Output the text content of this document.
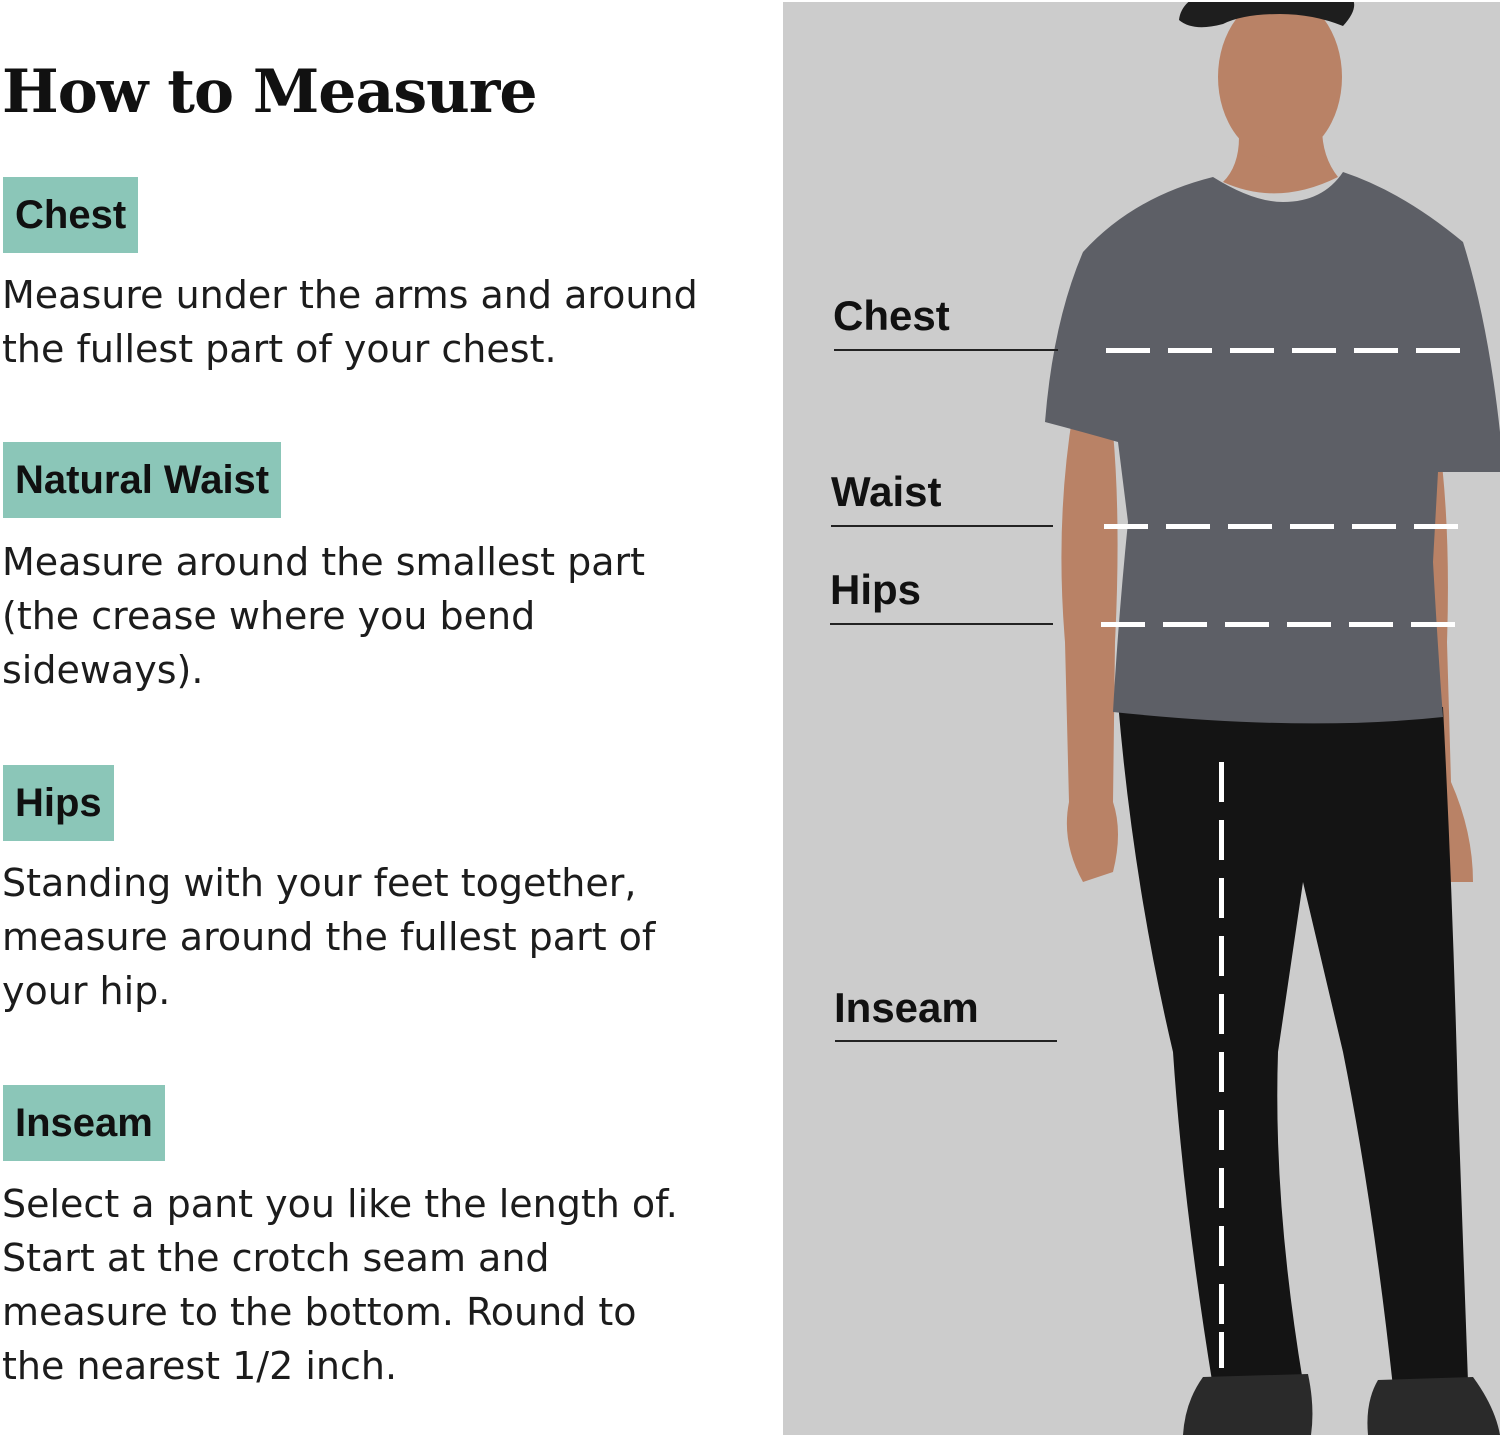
How to Measure
Chest

Measure under the arms and around
the fullest part of your chest.

Natural Waist

Measure around the smallest part
(the crease where you bend
sideways).

Hips

Standing with your feet together,
measure around the fullest part of
your hip.

Inseam

Select a pant you like the length of.
Start at the crotch seam and
measure to the bottom. Round to
the nearest 1/2 inch.

Chest
Waist
Hips
Inseam
